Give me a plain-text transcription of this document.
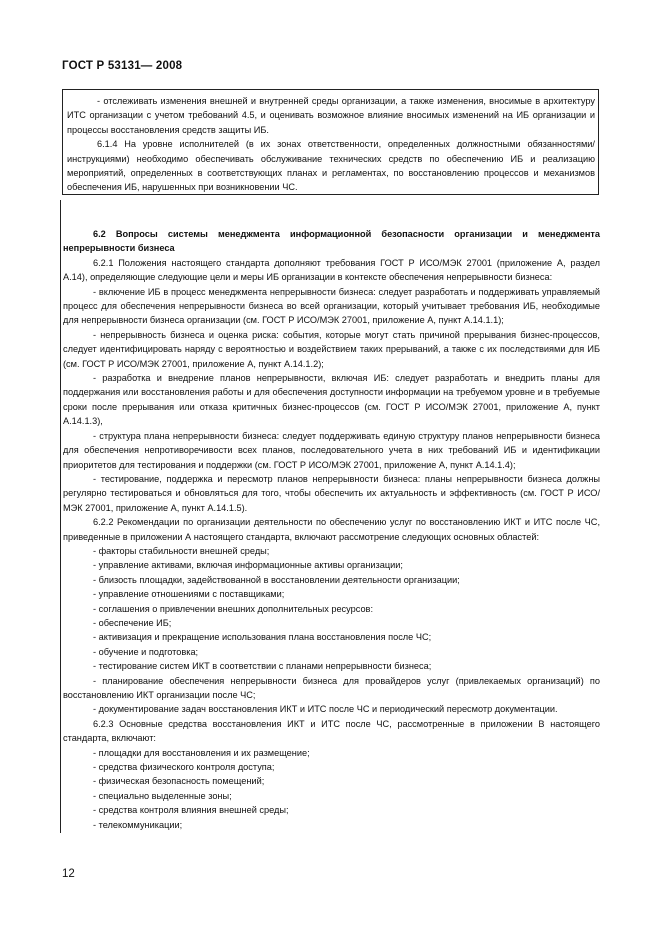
ГОСТ Р 53131— 2008

- отслеживать изменения внешней и внутренней среды организации, а также изменения, вносимые в архитектуру ИТС организации с учетом требований 4.5, и оценивать возможное влияние вносимых изменений на ИБ организации и процессы восстановления средств защиты ИБ.

6.1.4 На уровне исполнителей (в их зонах ответственности, определенных должностными обязанностями/инструкциями) необходимо обеспечивать обслуживание технических средств по обеспечению ИБ и реализацию мероприятий, определенных в соответствующих планах и регламентах, по восстановлению процессов и механизмов обеспечения ИБ, нарушенных при возникновении ЧС.

6.2 Вопросы системы менеджмента информационной безопасности организации и менеджмента непрерывности бизнеса

6.2.1 Положения настоящего стандарта дополняют требования ГОСТ Р ИСО/МЭК 27001 (приложение А, раздел А.14), определяющие следующие цели и меры ИБ организации в контексте обеспечения непрерывности бизнеса:

- включение ИБ в процесс менеджмента непрерывности бизнеса: следует разработать и поддерживать управляемый процесс для обеспечения непрерывности бизнеса во всей организации, который учитывает требования ИБ, необходимые для непрерывности бизнеса организации (см. ГОСТ Р ИСО/МЭК 27001, приложение А, пункт А.14.1.1);

- непрерывность бизнеса и оценка риска: события, которые могут стать причиной прерывания бизнес-процессов, следует идентифицировать наряду с вероятностью и воздействием таких прерываний, а также с их последствиями для ИБ (см. ГОСТ Р ИСО/МЭК 27001, приложение А, пункт А.14.1.2);

- разработка и внедрение планов непрерывности, включая ИБ: следует разработать и внедрить планы для поддержания или восстановления работы и для обеспечения доступности информации на требуемом уровне и в требуемые сроки после прерывания или отказа критичных бизнес-процессов (см. ГОСТ Р ИСО/МЭК 27001, приложение А, пункт А.14.1.3),

- структура плана непрерывности бизнеса: следует поддерживать единую структуру планов непрерывности бизнеса для обеспечения непротиворечивости всех планов, последовательного учета в них требований ИБ и идентификации приоритетов для тестирования и поддержки (см. ГОСТ Р ИСО/МЭК 27001, приложение А, пункт А.14.1.4);

- тестирование, поддержка и пересмотр планов непрерывности бизнеса: планы непрерывности бизнеса должны регулярно тестироваться и обновляться для того, чтобы обеспечить их актуальность и эффективность (см. ГОСТ Р ИСО/МЭК 27001, приложение А, пункт А.14.1.5).

6.2.2 Рекомендации по организации деятельности по обеспечению услуг по восстановлению ИКТ и ИТС после ЧС, приведенные в приложении А настоящего стандарта, включают рассмотрение следующих основных областей:

- факторы стабильности внешней среды;

- управление активами, включая информационные активы организации;

- близость площадки, задействованной в восстановлении деятельности организации;

- управление отношениями с поставщиками;

- соглашения о привлечении внешних дополнительных ресурсов:

- обеспечение ИБ;

- активизация и прекращение использования плана восстановления после ЧС;

- обучение и подготовка;

- тестирование систем ИКТ в соответствии с планами непрерывности бизнеса;

- планирование обеспечения непрерывности бизнеса для провайдеров услуг (привлекаемых организаций) по восстановлению ИКТ организации после ЧС;

- документирование задач восстановления ИКТ и ИТС после ЧС и периодический пересмотр документации.

6.2.3 Основные средства восстановления ИКТ и ИТС после ЧС, рассмотренные в приложении В настоящего стандарта, включают:

- площадки для восстановления и их размещение;

- средства физического контроля доступа;

- физическая безопасность помещений;

- специально выделенные зоны;

- средства контроля влияния внешней среды;

- телекоммуникации;

12
